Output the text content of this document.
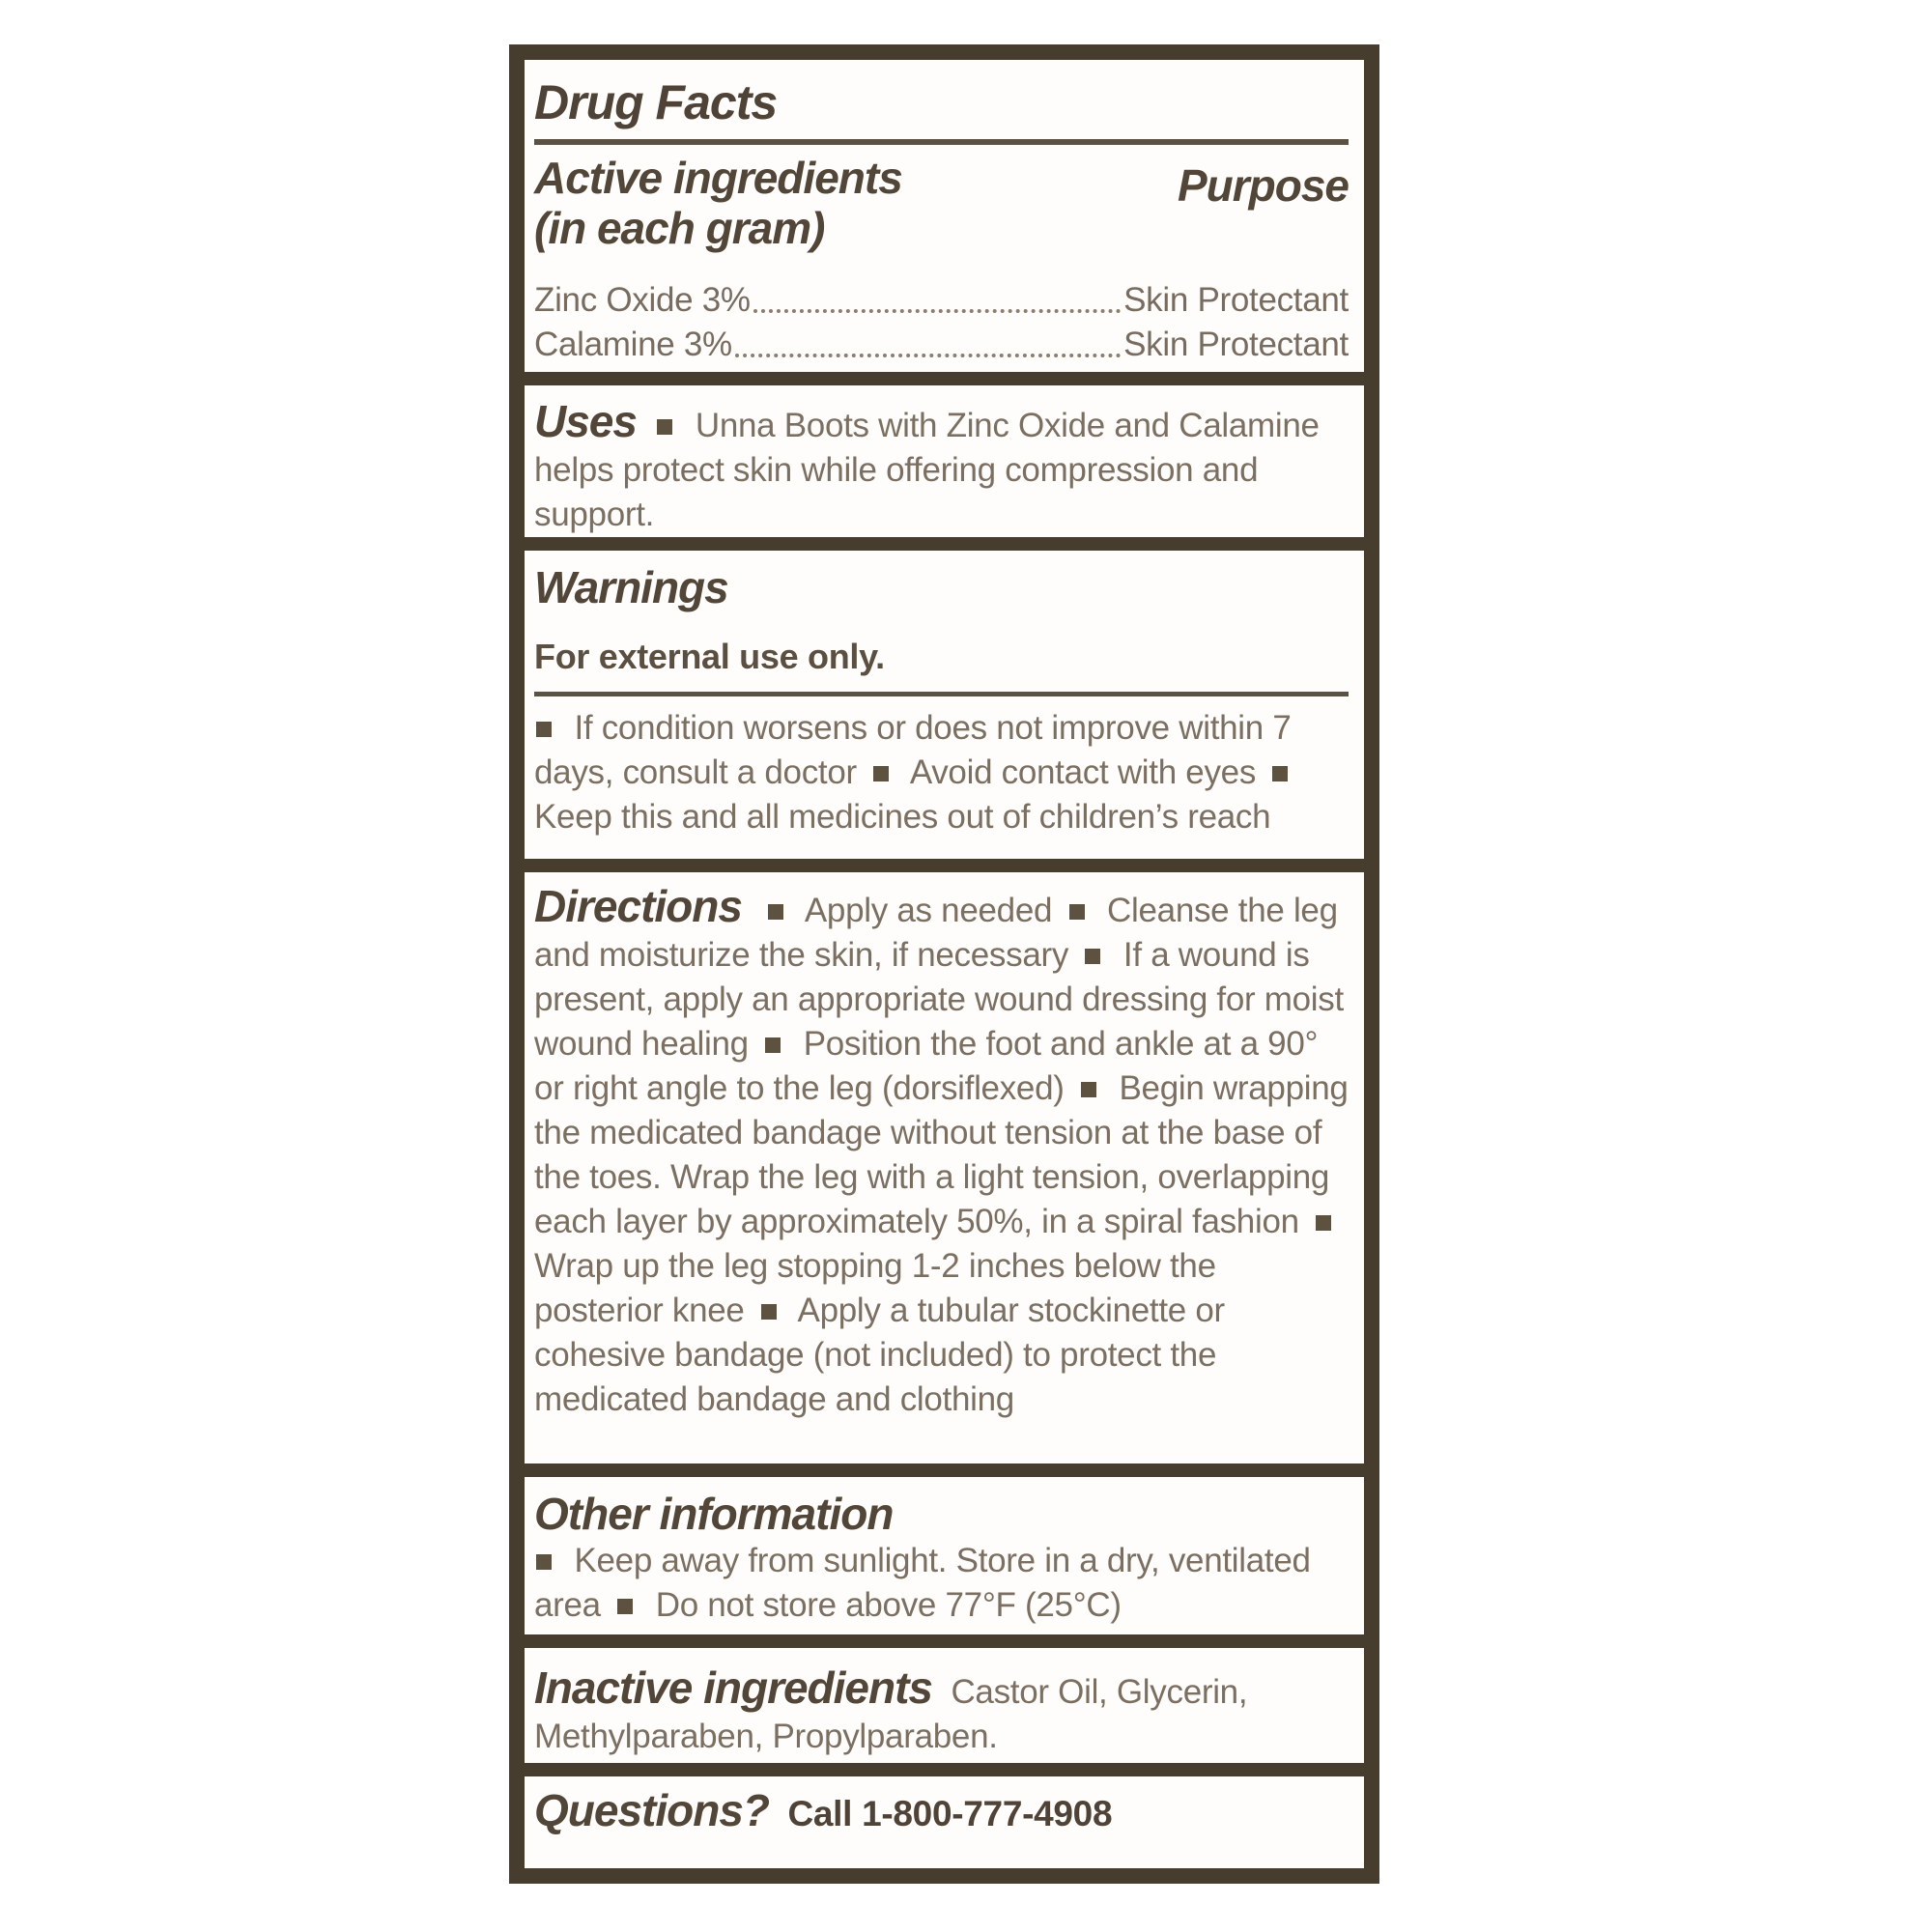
Drug Facts
Active ingredients
(in each gram)
Purpose
Zinc Oxide 3%	Skin Protectant
Calamine 3%	Skin Protectant

Uses Unna Boots with Zinc Oxide and Calamine helps protect skin while offering compression and support.

Warnings
For external use only.

If condition worsens or does not improve within 7 days, consult a doctor Avoid contact with eyes  Keep this and all medicines out of children’s reach

Directions Apply as needed Cleanse the leg and moisturize the skin, if necessary If a wound is present, apply an appropriate wound dressing for moist wound healing Position the foot and ankle at a 90° or right angle to the leg (dorsiflexed) Begin wrapping the medicated bandage without tension at the base of the toes. Wrap the leg with a light tension, overlapping each layer by approximately 50%, in a spiral fashion  Wrap up the leg stopping 1-2 inches below the posterior knee Apply a tubular stockinette or cohesive bandage (not included) to protect the medicated bandage and clothing

Other information

Keep away from sunlight. Store in a dry, ventilated area Do not store above 77°F (25°C)

Inactive ingredients Castor Oil, Glycerin, Methylparaben, Propylparaben.

Questions? Call 1-800-777-4908
